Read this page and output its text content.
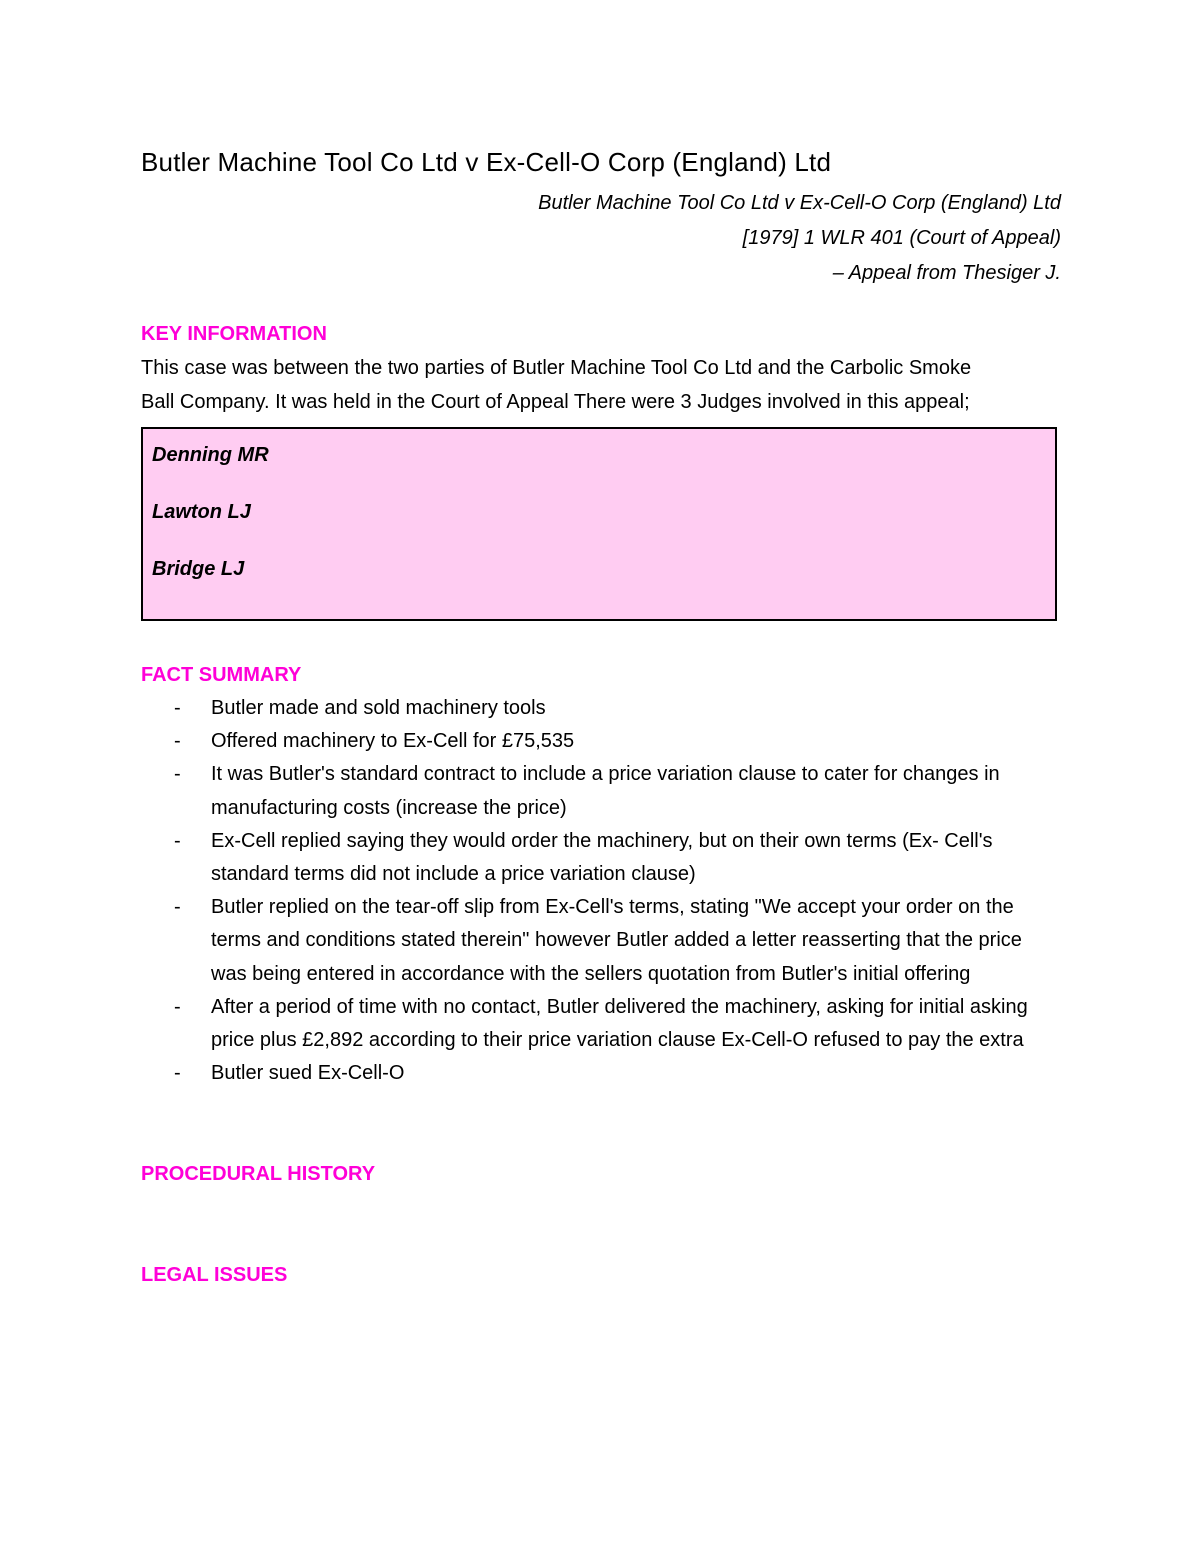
Butler Machine Tool Co Ltd v Ex-Cell-O Corp (England) Ltd
Butler Machine Tool Co Ltd v Ex-Cell-O Corp (England) Ltd
[1979] 1 WLR 401 (Court of Appeal)
– Appeal from Thesiger J.
KEY INFORMATION

This case was between the two parties of Butler Machine Tool Co Ltd and the Carbolic Smoke

Ball Company. It was held in the Court of Appeal There were 3 Judges involved in this appeal;

Denning MR
Lawton LJ
Bridge LJ
FACT SUMMARY
- Butler made and sold machinery tools
- Offered machinery to Ex-Cell for £75,535
- It was Butler's standard contract to include a price variation clause to cater for changes in manufacturing costs (increase the price)
- Ex-Cell replied saying they would order the machinery, but on their own terms (Ex- Cell's standard terms did not include a price variation clause)
- Butler replied on the tear-off slip from Ex-Cell's terms, stating "We accept your order on the terms and conditions stated therein" however Butler added a letter reasserting that the price was being entered in accordance with the sellers quotation from Butler's initial offering
- After a period of time with no contact, Butler delivered the machinery, asking for initial asking price plus £2,892 according to their price variation clause Ex-Cell-O refused to pay the extra
- Butler sued Ex-Cell-O
PROCEDURAL HISTORY
LEGAL ISSUES
